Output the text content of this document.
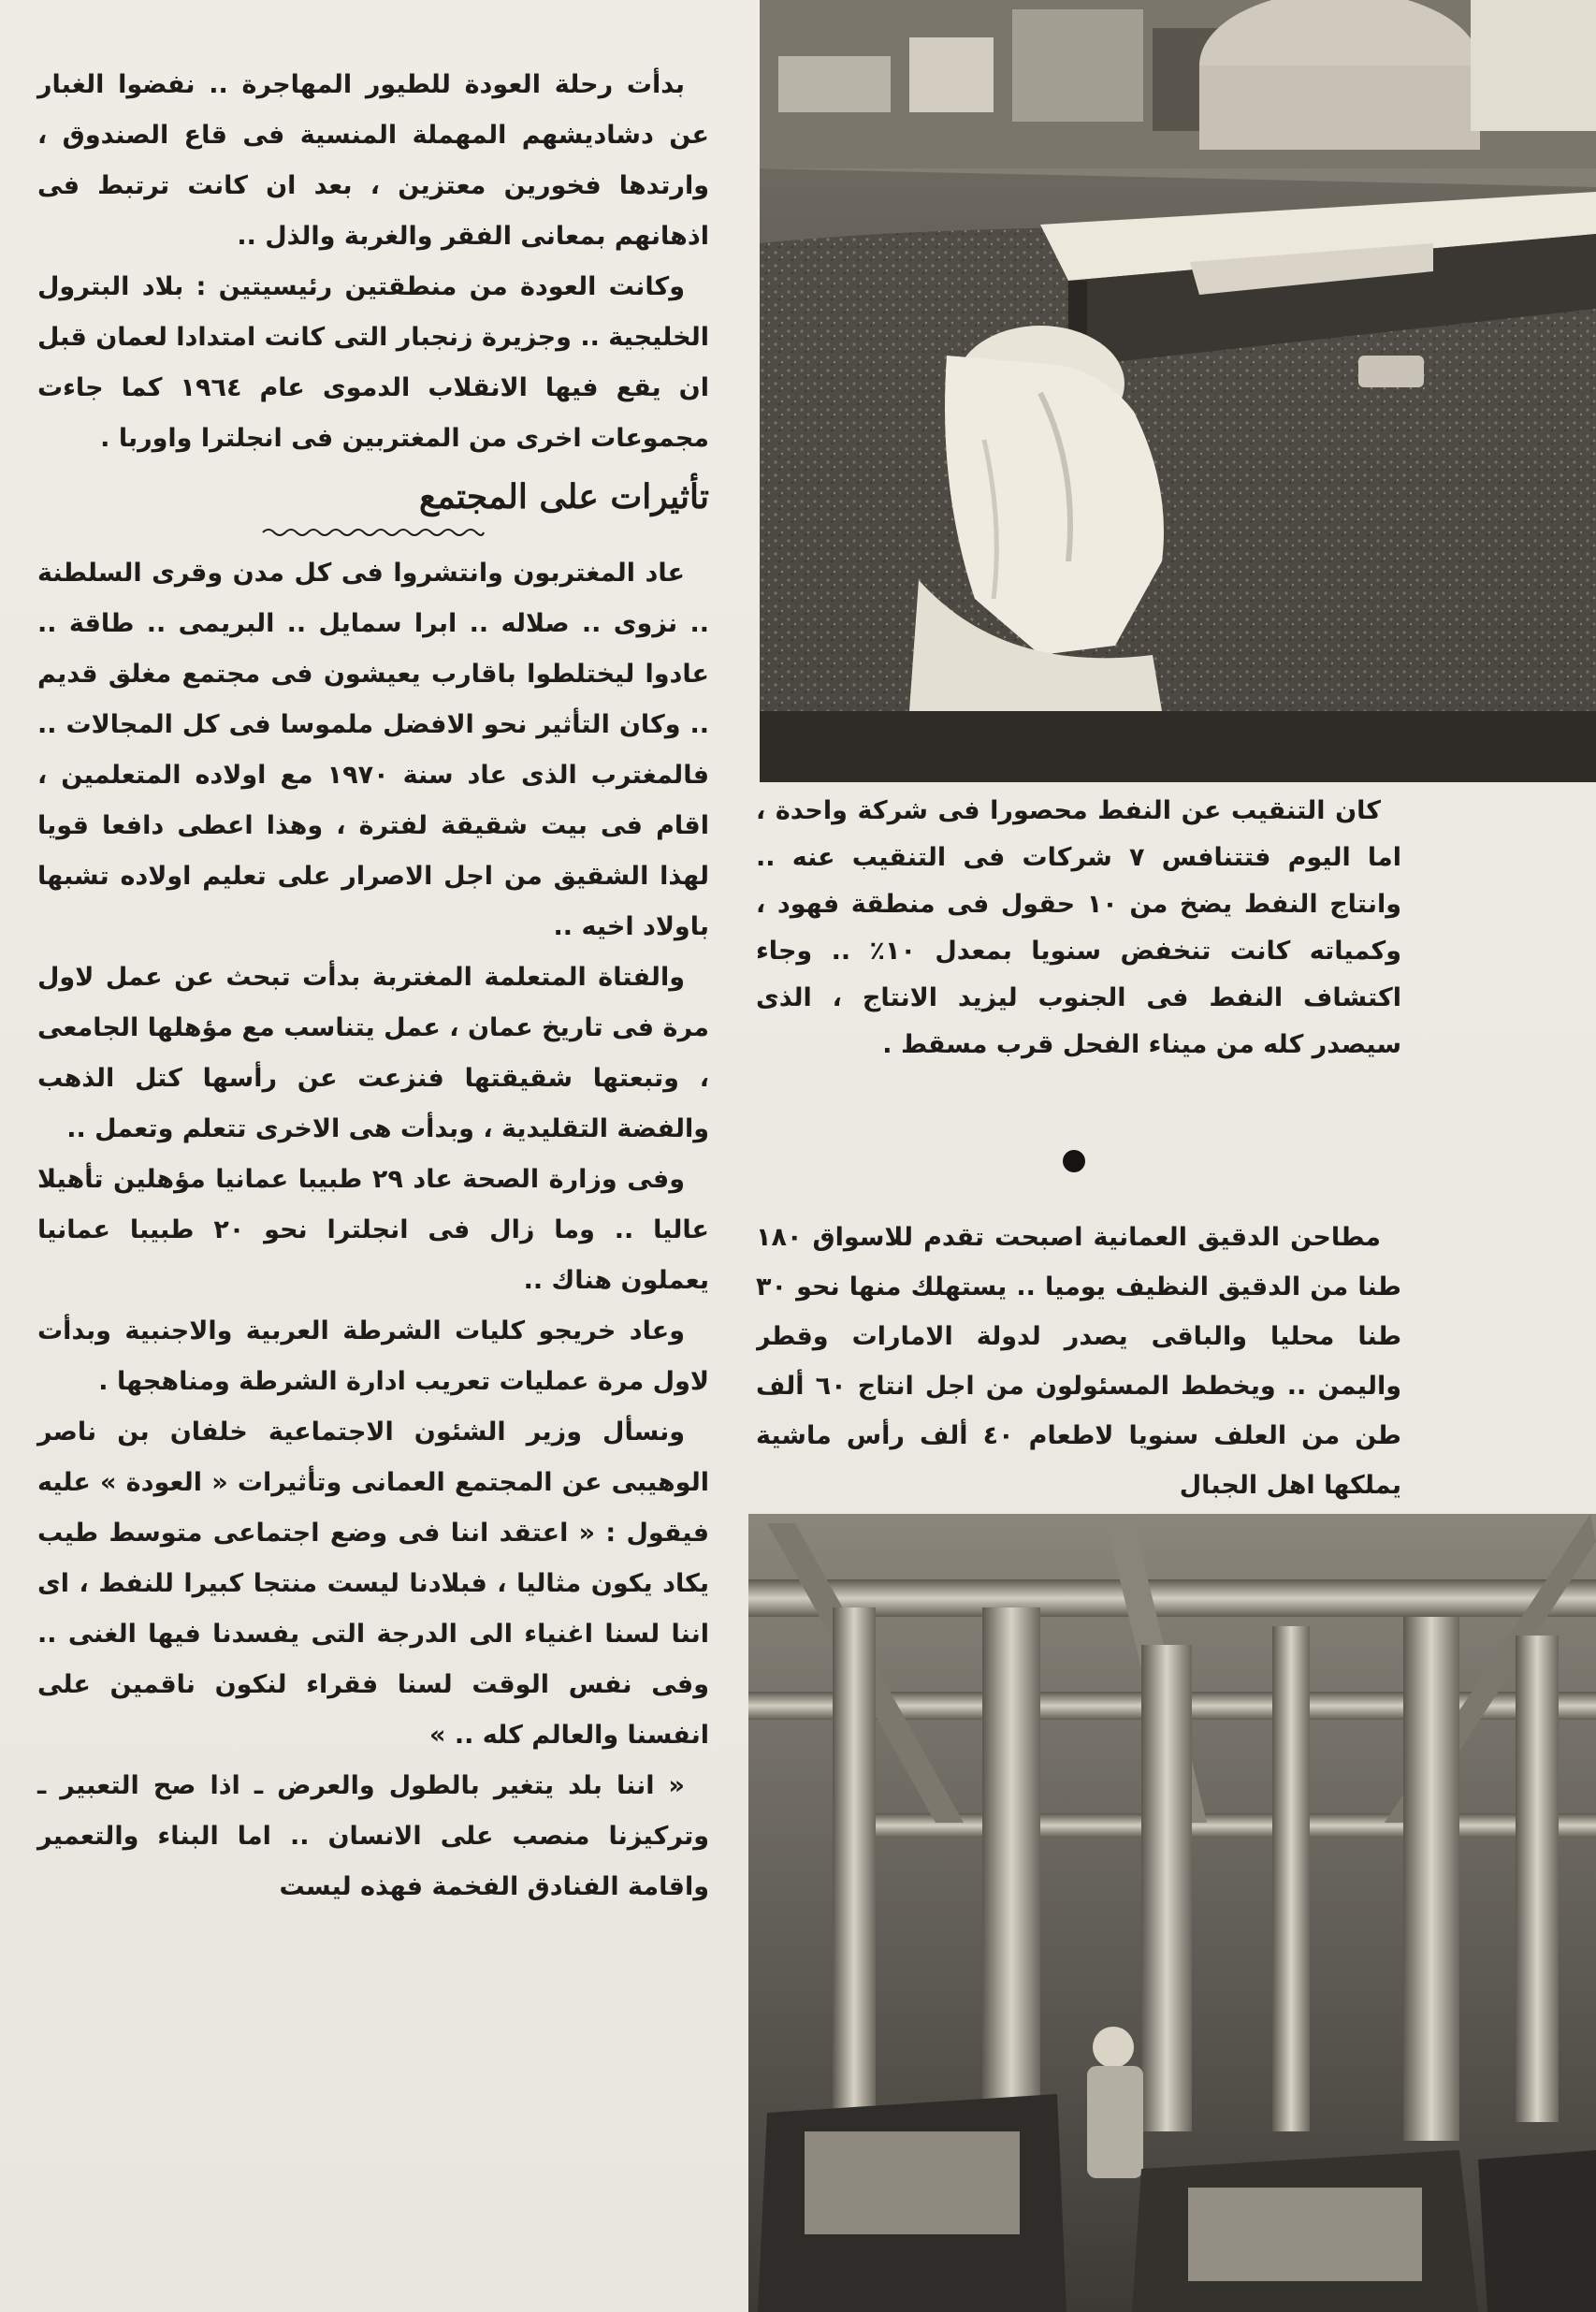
بدأت رحلة العودة للطيور المهاجرة .. نفضوا الغبار عن دشاديشهم المهملة المنسية فى قاع الصندوق ، وارتدها فخورين معتزين ، بعد ان كانت ترتبط فى اذهانهم بمعانى الفقر والغربة والذل ..

وكانت العودة من منطقتين رئيسيتين : بلاد البترول الخليجية .. وجزيرة زنجبار التى كانت امتدادا لعمان قبل ان يقع فيها الانقلاب الدموى عام ١٩٦٤ كما جاءت مجموعات اخرى من المغتربين فى انجلترا واوربا .

تأثيرات على المجتمع

عاد المغتربون وانتشروا فى كل مدن وقرى السلطنة .. نزوى .. صلاله .. ابرا سمايل .. البريمى .. طاقة .. عادوا ليختلطوا باقارب يعيشون فى مجتمع مغلق قديم .. وكان التأثير نحو الافضل ملموسا فى كل المجالات .. فالمغترب الذى عاد سنة ١٩٧٠ مع اولاده المتعلمين ، اقام فى بيت شقيقة لفترة ، وهذا اعطى دافعا قويا لهذا الشقيق من اجل الاصرار على تعليم اولاده تشبها باولاد اخيه ..

والفتاة المتعلمة المغتربة بدأت تبحث عن عمل لاول مرة فى تاريخ عمان ، عمل يتناسب مع مؤهلها الجامعى ، وتبعتها شقيقتها فنزعت عن رأسها كتل الذهب والفضة التقليدية ، وبدأت هى الاخرى تتعلم وتعمل ..

وفى وزارة الصحة عاد ٢٩ طبيبا عمانيا مؤهلين تأهيلا عاليا .. وما زال فى انجلترا نحو ٢٠ طبيبا عمانيا يعملون هناك ..

وعاد خريجو كليات الشرطة العربية والاجنبية وبدأت لاول مرة عمليات تعريب ادارة الشرطة ومناهجها .

ونسأل وزير الشئون الاجتماعية خلفان بن ناصر الوهيبى عن المجتمع العمانى وتأثيرات « العودة » عليه فيقول : « اعتقد اننا فى وضع اجتماعى متوسط طيب يكاد يكون مثاليا ، فبلادنا ليست منتجا كبيرا للنفط ، اى اننا لسنا اغنياء الى الدرجة التى يفسدنا فيها الغنى .. وفى نفس الوقت لسنا فقراء لنكون ناقمين على انفسنا والعالم كله .. »

« اننا بلد يتغير بالطول والعرض ـ اذا صح التعبير ـ وتركيزنا منصب على الانسان .. اما البناء والتعمير واقامة الفنادق الفخمة فهذه ليست

كان التنقيب عن النفط محصورا فى شركة واحدة ، اما اليوم فتتنافس ٧ شركات فى التنقيب عنه .. وانتاج النفط يضخ من ١٠ حقول فى منطقة فهود ، وكمياته كانت تنخفض سنويا بمعدل ١٠٪ .. وجاء اكتشاف النفط فى الجنوب ليزيد الانتاج ، الذى سيصدر كله من ميناء الفحل قرب مسقط .

مطاحن الدقيق العمانية اصبحت تقدم للاسواق ١٨٠ طنا من الدقيق النظيف يوميا .. يستهلك منها نحو ٣٠ طنا محليا والباقى يصدر لدولة الامارات وقطر واليمن .. ويخطط المسئولون من اجل انتاج ٦٠ ألف طن من العلف سنويا لاطعام ٤٠ ألف رأس ماشية يملكها اهل الجبال
